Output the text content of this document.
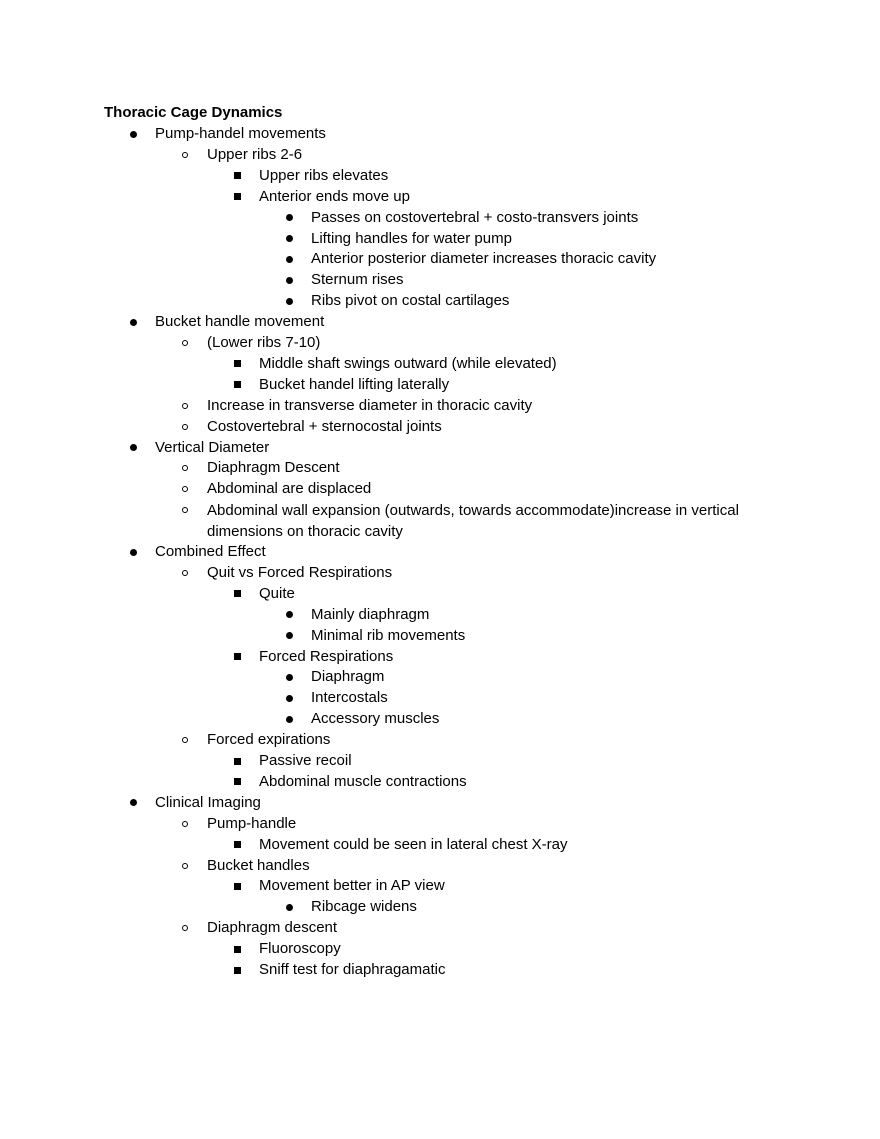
Thoracic Cage Dynamics
Pump-handel movements
Upper ribs 2-6
Upper ribs elevates
Anterior ends move up
Passes on costovertebral + costo-transvers joints
Lifting handles for water pump
Anterior posterior diameter increases thoracic cavity
Sternum rises
Ribs pivot on costal cartilages
Bucket handle movement
(Lower ribs 7-10)
Middle shaft swings outward (while elevated)
Bucket handel lifting laterally
Increase in transverse diameter in thoracic cavity
Costovertebral + sternocostal joints
Vertical Diameter
Diaphragm Descent
Abdominal are displaced
Abdominal wall expansion (outwards, towards accommodate)increase in vertical dimensions on thoracic cavity
Combined Effect
Quit vs Forced Respirations
Quite
Mainly diaphragm
Minimal rib movements
Forced Respirations
Diaphragm
Intercostals
Accessory muscles
Forced expirations
Passive recoil
Abdominal muscle contractions
Clinical Imaging
Pump-handle
Movement could be seen in lateral chest X-ray
Bucket handles
Movement better in AP view
Ribcage widens
Diaphragm descent
Fluoroscopy
Sniff test for diaphragamatic
